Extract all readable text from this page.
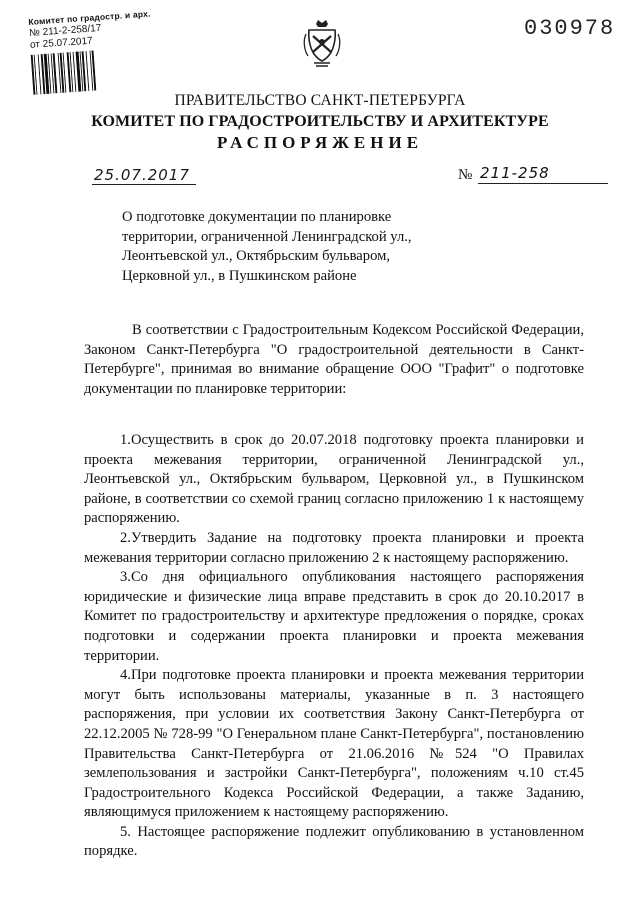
Комитет по градостр. и арх.
№ 211-2-258/17
от 25.07.2017
030978
ПРАВИТЕЛЬСТВО САНКТ-ПЕТЕРБУРГА
КОМИТЕТ ПО ГРАДОСТРОИТЕЛЬСТВУ И АРХИТЕКТУРЕ
РАСПОРЯЖЕНИЕ
25.07.2017	№ 211-258
О подготовке документации по планировке
территории, ограниченной Ленинградской ул.,
Леонтьевской ул., Октябрьским бульваром,
Церковной ул., в Пушкинском районе

В соответствии с Градостроительным Кодексом Российской Федерации, Законом Санкт-Петербурга "О градостроительной деятельности в Санкт-Петербурге", принимая во внимание обращение ООО "Графит" о подготовке документации по планировке территории:

1.Осуществить в срок до 20.07.2018 подготовку проекта планировки и проекта межевания территории, ограниченной Ленинградской ул., Леонтьевской ул., Октябрьским бульваром, Церковной ул., в Пушкинском районе, в соответствии со схемой границ согласно приложению 1 к настоящему распоряжению.

2.Утвердить Задание на подготовку проекта планировки и проекта межевания территории согласно приложению 2 к настоящему распоряжению.

3.Со дня официального опубликования настоящего распоряжения юридические и физические лица вправе представить в срок до 20.10.2017 в Комитет по градостроительству и архитектуре предложения о порядке, сроках подготовки и содержании проекта планировки и проекта межевания территории.

4.При подготовке проекта планировки и проекта межевания территории могут быть использованы материалы, указанные в п. 3 настоящего распоряжения, при условии их соответствия Закону Санкт-Петербурга от 22.12.2005 № 728-99 "О Генеральном плане Санкт-Петербурга", постановлению Правительства Санкт-Петербурга от 21.06.2016 №524 "О Правилах землепользования и застройки Санкт-Петербурга", положениям ч.10 ст.45 Градостроительного Кодекса Российской Федерации, а также Заданию, являющимуся приложением к настоящему распоряжению.

5. Настоящее распоряжение подлежит опубликованию в установленном порядке.
